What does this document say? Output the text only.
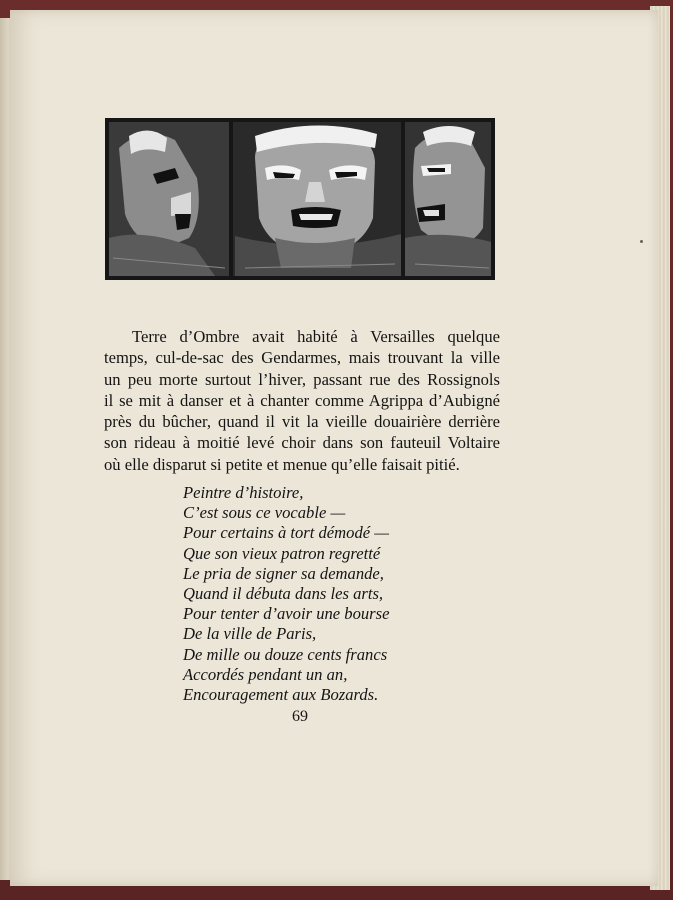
Terre d’Ombre avait habité à Versailles quelque
temps, cul-de-sac des Gendarmes, mais trouvant la ville
un peu morte surtout l’hiver, passant rue des Rossignols
il se mit à danser et à chanter comme Agrippa d’Aubigné
près du bûcher, quand il vit la vieille douairière derrière
son rideau à moitié levé choir dans son fauteuil Voltaire
où elle disparut si petite et menue qu’elle faisait pitié.
Peintre d’histoire,
C’est sous ce vocable —
Pour certains à tort démodé —
Que son vieux patron regretté
Le pria de signer sa demande,
Quand il débuta dans les arts,
Pour tenter d’avoir une bourse
De la ville de Paris,
De mille ou douze cents francs
Accordés pendant un an,
Encouragement aux Bozards.
69
